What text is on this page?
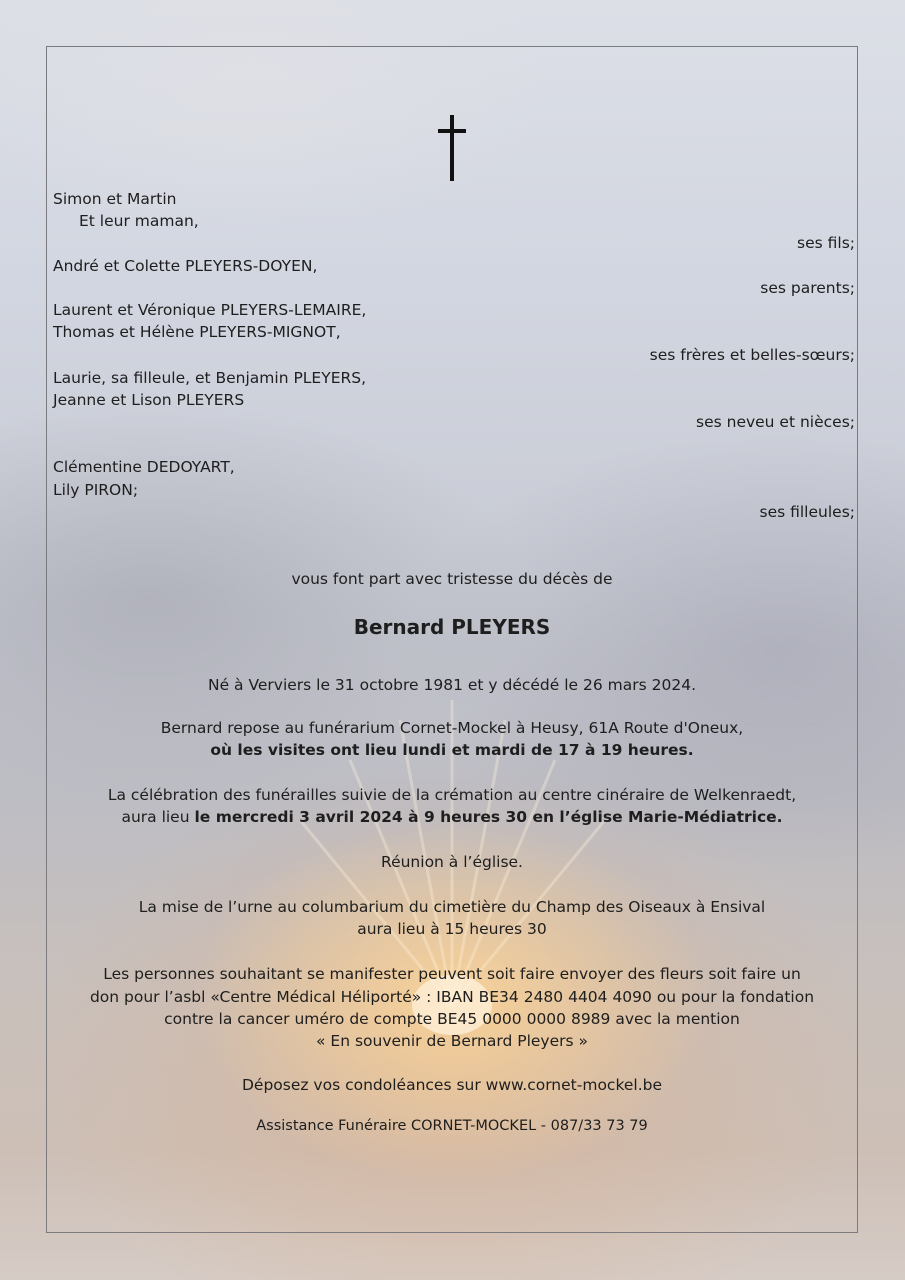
Simon et Martin
Et leur maman,
ses fils;
André et Colette PLEYERS-DOYEN,
ses parents;
Laurent et Véronique PLEYERS-LEMAIRE,
Thomas et Hélène PLEYERS-MIGNOT,
ses frères et belles-sœurs;
Laurie, sa filleule, et Benjamin PLEYERS,
Jeanne et Lison PLEYERS
ses neveu et nièces;
Clémentine DEDOYART,
Lily PIRON;
ses filleules;
vous font part avec tristesse du décès de
Bernard PLEYERS
Né à Verviers le 31 octobre 1981 et y décédé le 26 mars 2024.
Bernard repose au funérarium Cornet-Mockel à Heusy, 61A Route d'Oneux,
où les visites ont lieu lundi et mardi de 17 à 19 heures.
La célébration des funérailles suivie de la crémation au centre cinéraire de Welkenraedt,
aura lieu le mercredi 3 avril 2024 à 9 heures 30 en l’église Marie-Médiatrice.
Réunion à l’église.
La mise de l’urne au columbarium du cimetière du Champ des Oiseaux à Ensival
aura lieu à 15 heures 30
Les personnes souhaitant se manifester peuvent soit faire envoyer des fleurs soit faire un
don pour l’asbl «Centre Médical Héliporté» : IBAN BE34 2480 4404 4090 ou pour la fondation
contre la cancer uméro de compte BE45 0000 0000 8989 avec la mention
« En souvenir de Bernard Pleyers »
Déposez vos condoléances sur www.cornet-mockel.be
Assistance Funéraire CORNET-MOCKEL - 087/33 73 79
